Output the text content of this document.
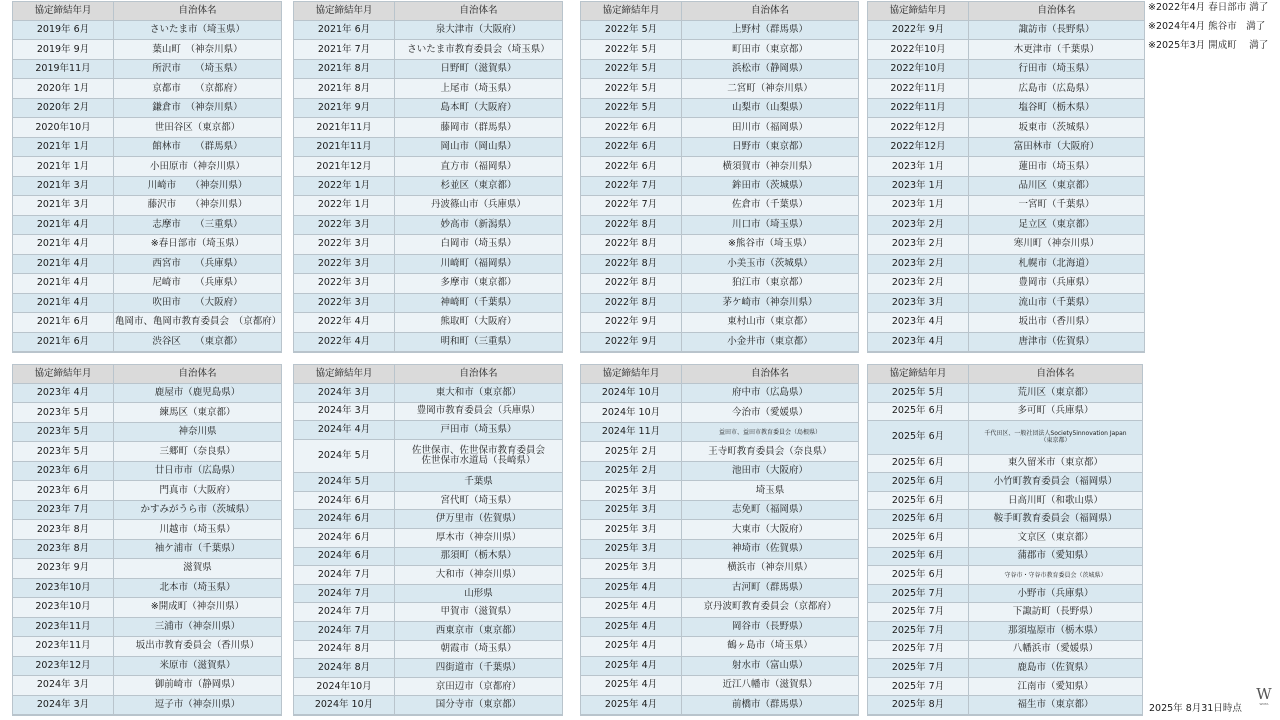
協定締結年月	自治体名
2019年 6月	さいたま市（埼玉県）
2019年 9月	葉山町　（神奈川県）
2019年11月	所沢市　　（埼玉県）
2020年 1月	京都市　　（京都府）
2020年 2月	鎌倉市　（神奈川県）
2020年10月	世田谷区（東京都）
2021年 1月	館林市　　（群馬県）
2021年 1月	小田原市（神奈川県）
2021年 3月	川崎市　　（神奈川県）
2021年 3月	藤沢市　　（神奈川県）
2021年 4月	志摩市　　（三重県）
2021年 4月	※春日部市（埼玉県）
2021年 4月	西宮市　　（兵庫県）
2021年 4月	尼崎市　　（兵庫県）
2021年 4月	吹田市　　（大阪府）
2021年 6月	亀岡市、亀岡市教育委員会　（京都府）
2021年 6月	渋谷区　　（東京都）
協定締結年月	自治体名
2021年 6月	泉大津市（大阪府）
2021年 7月	さいたま市教育委員会（埼玉県）
2021年 8月	日野町（滋賀県）
2021年 8月	上尾市（埼玉県）
2021年 9月	島本町（大阪府）
2021年11月	藤岡市（群馬県）
2021年11月	岡山市（岡山県）
2021年12月	直方市（福岡県）
2022年 1月	杉並区（東京都）
2022年 1月	丹波篠山市（兵庫県）
2022年 3月	妙高市（新潟県）
2022年 3月	白岡市（埼玉県）
2022年 3月	川崎町（福岡県）
2022年 3月	多摩市（東京都）
2022年 3月	神崎町（千葉県）
2022年 4月	熊取町（大阪府）
2022年 4月	明和町（三重県）
協定締結年月	自治体名
2022年 5月	上野村（群馬県）
2022年 5月	町田市（東京都）
2022年 5月	浜松市（静岡県）
2022年 5月	二宮町（神奈川県）
2022年 5月	山梨市（山梨県）
2022年 6月	田川市（福岡県）
2022年 6月	日野市（東京都）
2022年 6月	横須賀市（神奈川県）
2022年 7月	鉾田市（茨城県）
2022年 7月	佐倉市（千葉県）
2022年 8月	川口市（埼玉県）
2022年 8月	※熊谷市（埼玉県）
2022年 8月	小美玉市（茨城県）
2022年 8月	狛江市（東京都）
2022年 8月	茅ケ崎市（神奈川県）
2022年 9月	東村山市（東京都）
2022年 9月	小金井市（東京都）
協定締結年月	自治体名
2022年 9月	諏訪市（長野県）
2022年10月	木更津市（千葉県）
2022年10月	行田市（埼玉県）
2022年11月	広島市（広島県）
2022年11月	塩谷町（栃木県）
2022年12月	坂東市（茨城県）
2022年12月	富田林市（大阪府）
2023年 1月	蓮田市（埼玉県）
2023年 1月	品川区（東京都）
2023年 1月	一宮町（千葉県）
2023年 2月	足立区（東京都）
2023年 2月	寒川町（神奈川県）
2023年 2月	札幌市（北海道）
2023年 2月	豊岡市（兵庫県）
2023年 3月	流山市（千葉県）
2023年 4月	坂出市（香川県）
2023年 4月	唐津市（佐賀県）
協定締結年月	自治体名
2023年 4月	鹿屋市（鹿児島県）
2023年 5月	練馬区（東京都）
2023年 5月	神奈川県
2023年 5月	三郷町（奈良県）
2023年 6月	廿日市市（広島県）
2023年 6月	門真市（大阪府）
2023年 7月	かすみがうら市（茨城県）
2023年 8月	川越市（埼玉県）
2023年 8月	袖ケ浦市（千葉県）
2023年 9月	滋賀県
2023年10月	北本市（埼玉県）
2023年10月	※開成町（神奈川県）
2023年11月	三浦市（神奈川県）
2023年11月	坂出市教育委員会（香川県）
2023年12月	米原市（滋賀県）
2024年 3月	御前崎市（静岡県）
2024年 3月	逗子市（神奈川県）
協定締結年月	自治体名
2024年 3月	東大和市（東京都）
2024年 3月	豊岡市教育委員会（兵庫県）
2024年 4月	戸田市（埼玉県）
2024年 5月	佐世保市、佐世保市教育委員会
佐世保市水道局（長崎県）
2024年 5月	千葉県
2024年 6月	宮代町（埼玉県）
2024年 6月	伊万里市（佐賀県）
2024年 6月	厚木市（神奈川県）
2024年 6月	那須町（栃木県）
2024年 7月	大和市（神奈川県）
2024年 7月	山形県
2024年 7月	甲賀市（滋賀県）
2024年 7月	西東京市（東京都）
2024年 8月	朝霞市（埼玉県）
2024年 8月	四街道市（千葉県）
2024年10月	京田辺市（京都府）
2024年 10月	国分寺市（東京都）
協定締結年月	自治体名
2024年 10月	府中市（広島県）
2024年 10月	今治市（愛媛県）
2024年 11月	益田市、益田市教育委員会（島根県）
2025年 2月	王寺町教育委員会（奈良県）
2025年 2月	池田市（大阪府）
2025年 3月	埼玉県
2025年 3月	志免町（福岡県）
2025年 3月	大東市（大阪府）
2025年 3月	神埼市（佐賀県）
2025年 3月	横浜市（神奈川県）
2025年 4月	古河町（群馬県）
2025年 4月	京丹波町教育委員会（京都府）
2025年 4月	岡谷市（長野県）
2025年 4月	鶴ヶ島市（埼玉県）
2025年 4月	射水市（富山県）
2025年 4月	近江八幡市（滋賀県）
2025年 4月	前橋市（群馬県）
協定締結年月	自治体名
2025年 5月	荒川区（東京都）
2025年 6月	多可町（兵庫県）
2025年 6月	千代田区、一般社団法人Society5innovation Japan
（東京都）
2025年 6月	東久留米市（東京都）
2025年 6月	小竹町教育委員会（福岡県）
2025年 6月	日高川町（和歌山県）
2025年 6月	鞍手町教育委員会（福岡県）
2025年 6月	文京区（東京都）
2025年 6月	蒲郡市（愛知県）
2025年 6月	守谷市・守谷市教育委員会（茨城県）
2025年 7月	小野市（兵庫県）
2025年 7月	下諏訪町（長野県）
2025年 7月	那須塩原市（栃木県）
2025年 7月	八幡浜市（愛媛県）
2025年 7月	鹿島市（佐賀県）
2025年 7月	江南市（愛知県）
2025年 8月	福生市（東京都）
※2022年4月 春日部市 満了
※2024年4月 熊谷市　満了
※2025年3月 開成町　 満了
2025年 8月31日時点
W
WOTA
